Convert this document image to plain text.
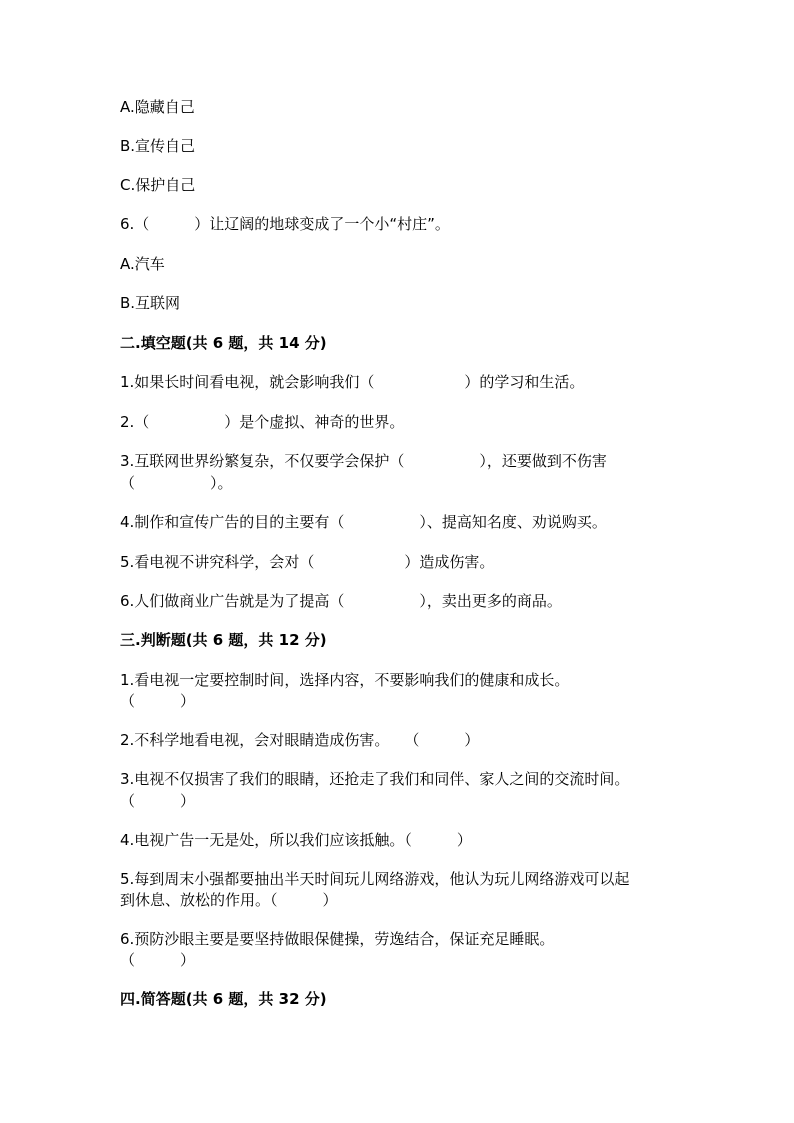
A.隐藏自己
B.宣传自己
C.保护自己
6.（　　　）让辽阔的地球变成了一个小“村庄”。
A.汽车
B.互联网
二.填空题(共 6 题，共 14 分)
1.如果长时间看电视，就会影响我们（　　　　　　）的学习和生活。
2.（　　　　　）是个虚拟、神奇的世界。
3.互联网世界纷繁复杂，不仅要学会保护（　　　　　），还要做到不伤害
（　　　　　）。
4.制作和宣传广告的目的主要有（　　　　　）、提高知名度、劝说购买。
5.看电视不讲究科学，会对（　　　　　　）造成伤害。
6.人们做商业广告就是为了提高（　　　　　），卖出更多的商品。
三.判断题(共 6 题，共 12 分)
1.看电视一定要控制时间，选择内容，不要影响我们的健康和成长。
（　　　）
2.不科学地看电视，会对眼睛造成伤害。　　（　　　）
3.电视不仅损害了我们的眼睛，还抢走了我们和同伴、家人之间的交流时间。
（　　　）
4.电视广告一无是处，所以我们应该抵触。（　　　）
5.每到周末小强都要抽出半天时间玩儿网络游戏，他认为玩儿网络游戏可以起
到休息、放松的作用。（　　　）
6.预防沙眼主要是要坚持做眼保健操，劳逸结合，保证充足睡眠。
（　　　）
四.简答题(共 6 题，共 32 分)
